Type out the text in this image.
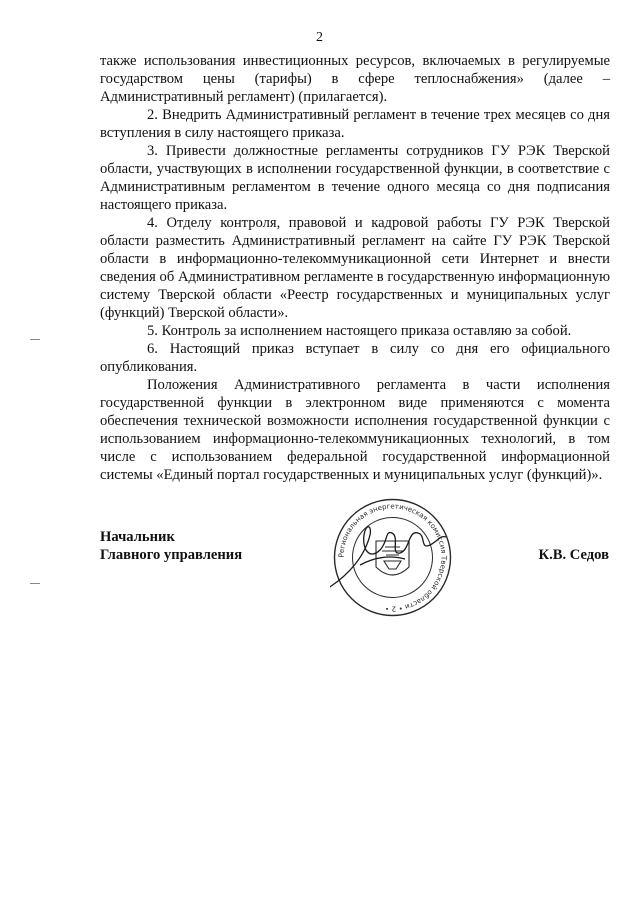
2

также использования инвестиционных ресурсов, включаемых в регулируемые государством цены (тарифы) в сфере теплоснабжения» (далее – Административный регламент) (прилагается).

2. Внедрить Административный регламент в течение трех месяцев со дня вступления в силу настоящего приказа.

3. Привести должностные регламенты сотрудников ГУ РЭК Тверской области, участвующих в исполнении государственной функции, в соответствие с Административным регламентом в течение одного месяца со дня подписания настоящего приказа.

4. Отделу контроля, правовой и кадровой работы ГУ РЭК Тверской области разместить Административный регламент на сайте ГУ РЭК Тверской области в информационно-телекоммуникационной сети Интернет и внести сведения об Административном регламенте в государственную информационную систему Тверской области «Реестр государственных и муниципальных услуг (функций) Тверской области».

5. Контроль за исполнением настоящего приказа оставляю за собой.

6. Настоящий приказ вступает в силу со дня его официального опубликования.

Положения Административного регламента в части исполнения государственной функции в электронном виде применяются с момента обеспечения технической возможности исполнения государственной функции с использованием информационно-телекоммуникационных технологий, в том числе с использованием федеральной государственной информационной системы «Единый портал государственных и муниципальных услуг (функций)».

Начальник
Главного управления	К.В. Седов
Региональная энергетическая комиссия Тверской области • 2 •
